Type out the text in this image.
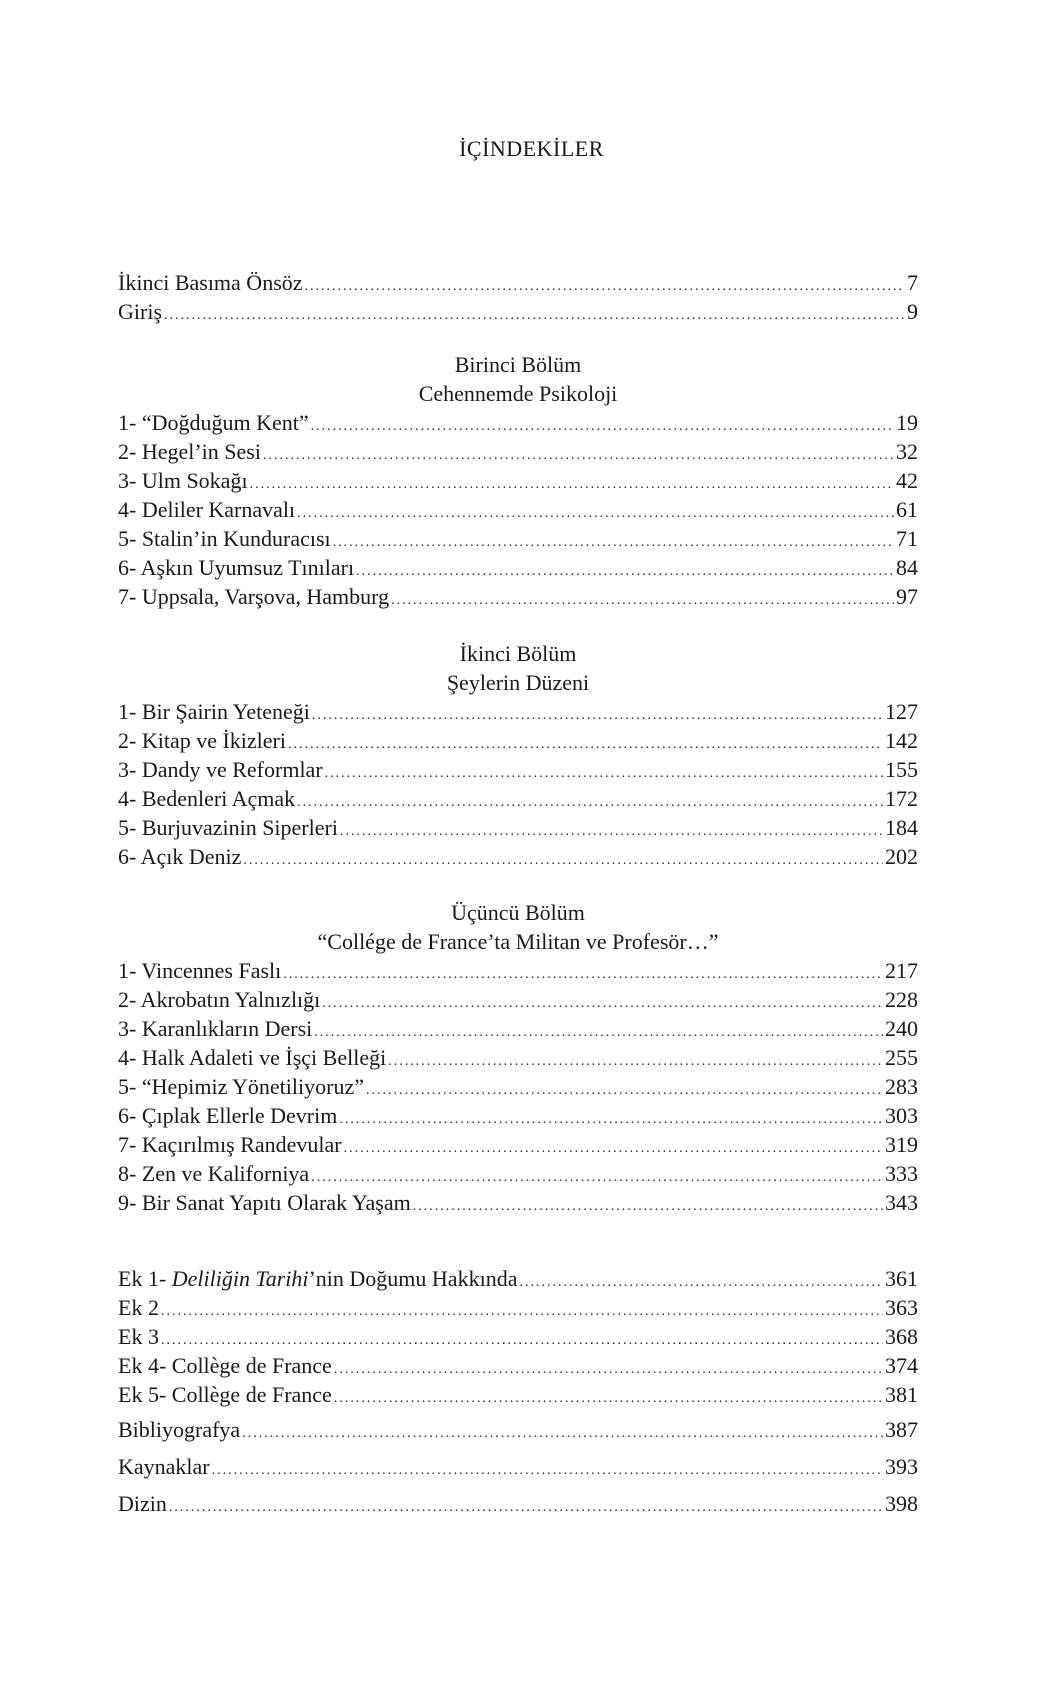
İÇİNDEKİLER
İkinci Basıma Önsöz .....	7
Giriş .....	9
Birinci Bölüm
Cehennemde Psikoloji
1- “Doğduğum Kent” .....	19
2- Hegel’in Sesi .....	32
3- Ulm Sokağı .....	42
4- Deliler Karnavalı .....	61
5- Stalin’in Kunduracısı .....	71
6- Aşkın Uyumsuz Tınıları .....	84
7- Uppsala, Varşova, Hamburg .....	97
İkinci Bölüm
Şeylerin Düzeni
1- Bir Şairin Yeteneği .....	127
2- Kitap ve İkizleri .....	142
3- Dandy ve Reformlar .....	155
4- Bedenleri Açmak .....	172
5- Burjuvazinin Siperleri .....	184
6- Açık Deniz .....	202
Üçüncü Bölüm
“Collége de France’ta Militan ve Profesör…”
1- Vincennes Faslı .....	217
2- Akrobatın Yalnızlığı .....	228
3- Karanlıkların Dersi .....	240
4- Halk Adaleti ve İşçi Belleği .....	255
5- “Hepimiz Yönetiliyoruz” .....	283
6- Çıplak Ellerle Devrim .....	303
7- Kaçırılmış Randevular .....	319
8- Zen ve Kaliforniya .....	333
9- Bir Sanat Yapıtı Olarak Yaşam .....	343
Ek 1- Deliliğin Tarihi’nin Doğumu Hakkında .....	361
Ek 2 .....	363
Ek 3 .....	368
Ek 4- Collège de France .....	374
Ek 5- Collège de France .....	381
Bibliyografya .....	387
Kaynaklar .....	393
Dizin .....	398
